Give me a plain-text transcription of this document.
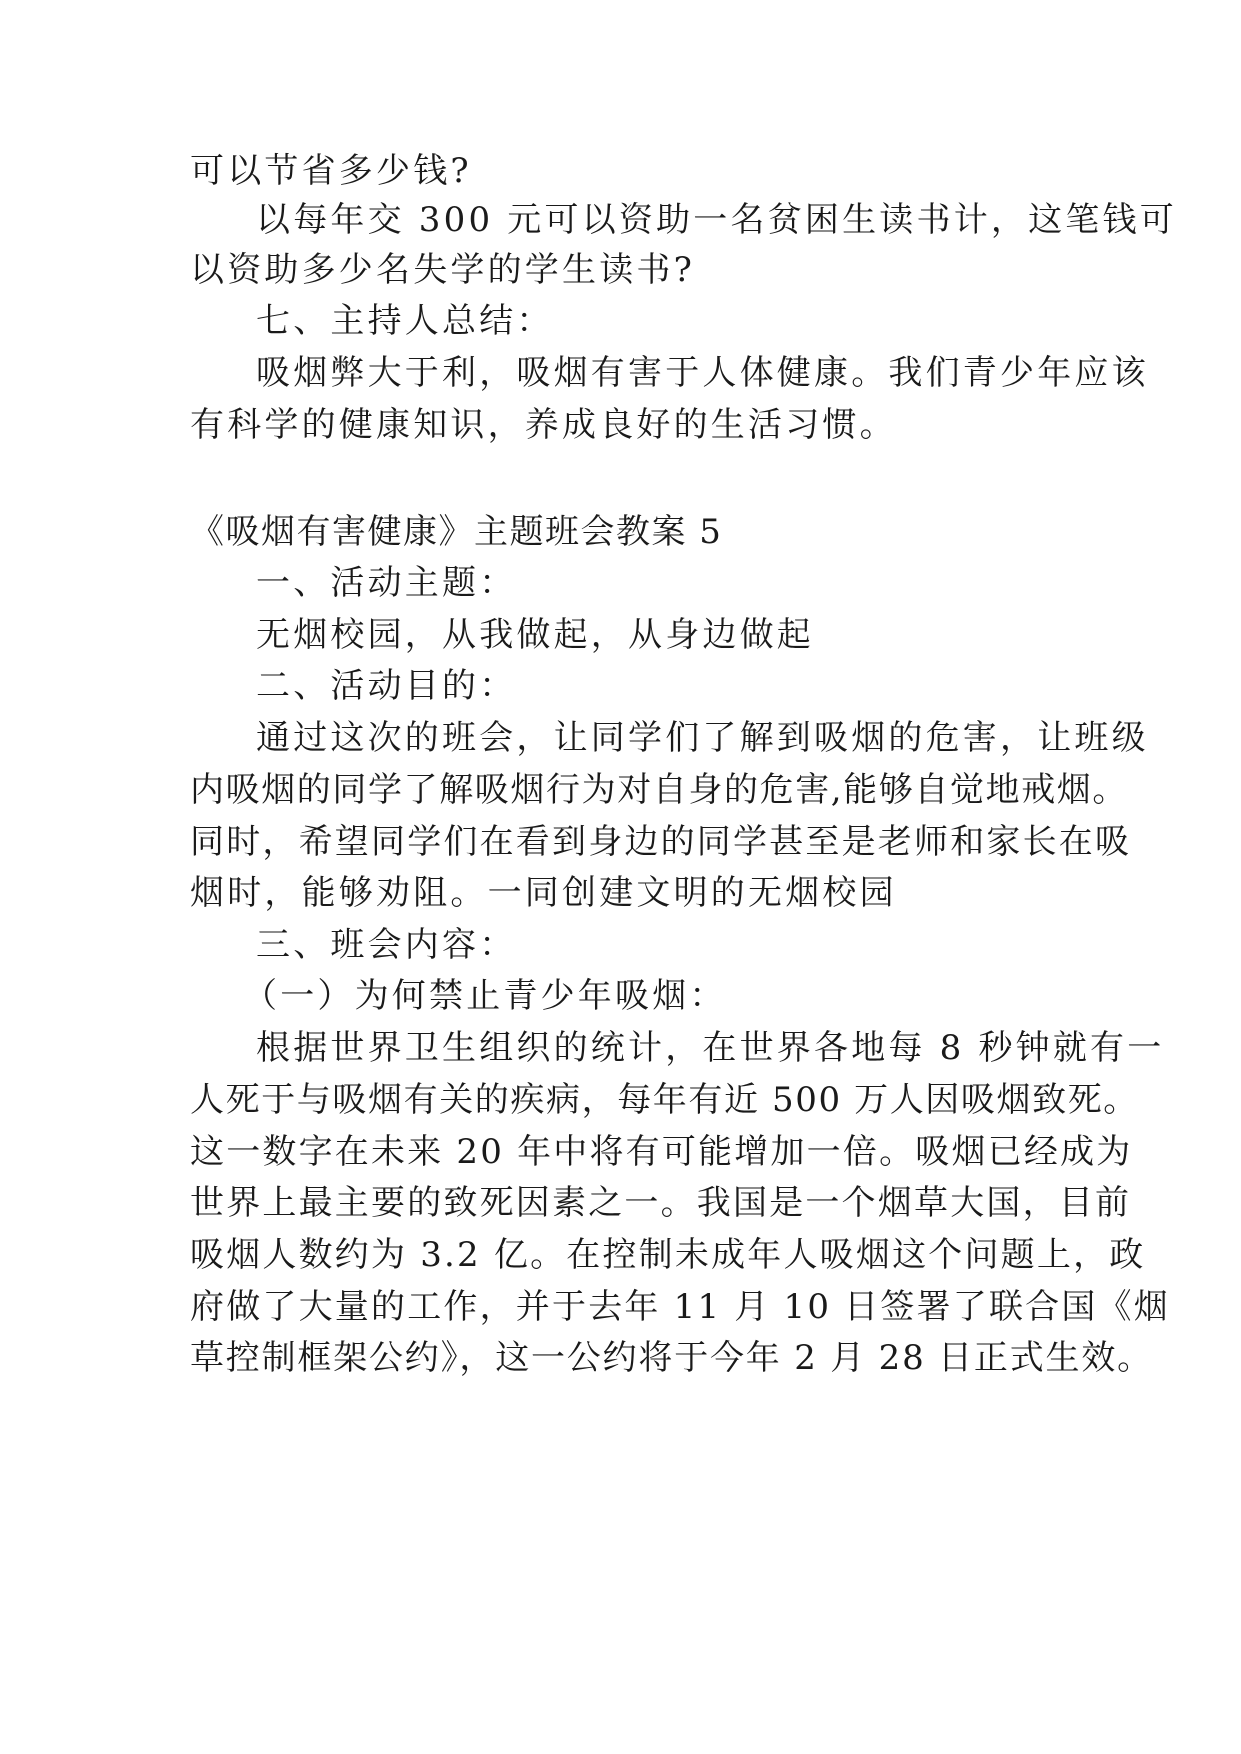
可以节省多少钱?
以每年交 300 元可以资助一名贫困生读书计，这笔钱可
以资助多少名失学的学生读书?
七、主持人总结：
吸烟弊大于利，吸烟有害于人体健康。我们青少年应该
有科学的健康知识，养成良好的生活习惯。
《吸烟有害健康》主题班会教案 5
一、活动主题：
无烟校园，从我做起，从身边做起
二、活动目的：
通过这次的班会，让同学们了解到吸烟的危害，让班级
内吸烟的同学了解吸烟行为对自身的危害,能够自觉地戒烟。
同时，希望同学们在看到身边的同学甚至是老师和家长在吸
烟时，能够劝阻。一同创建文明的无烟校园
三、班会内容：
（一）为何禁止青少年吸烟：
根据世界卫生组织的统计，在世界各地每 8 秒钟就有一
人死于与吸烟有关的疾病，每年有近 500 万人因吸烟致死。
这一数字在未来 20 年中将有可能增加一倍。吸烟已经成为
世界上最主要的致死因素之一。我国是一个烟草大国，目前
吸烟人数约为 3.2 亿。在控制未成年人吸烟这个问题上，政
府做了大量的工作，并于去年 11 月 10 日签署了联合国《烟
草控制框架公约》，这一公约将于今年 2 月 28 日正式生效。
